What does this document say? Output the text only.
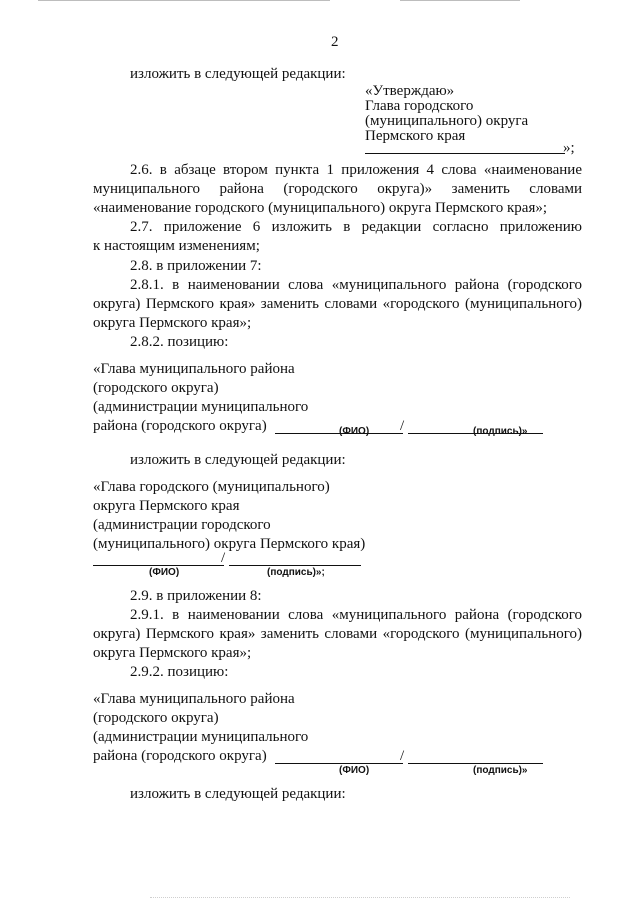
2
изложить в следующей редакции:
«Утверждаю»
Глава городского
(муниципального) округа
Пермского края
»;
2.6. в абзаце втором пункта 1 приложения 4 слова «наименование
муниципального района (городского округа)» заменить словами
«наименование городского (муниципального) округа Пермского края»;
2.7. приложение 6 изложить в редакции согласно приложению
к настоящим изменениям;
2.8. в приложении 7:
2.8.1. в наименовании слова «муниципального района (городского
округа) Пермского края» заменить словами «городского (муниципального)
округа Пермского края»;
2.8.2. позицию:
«Глава муниципального района
(городского округа)
(администрации муниципального
района (городского округа)	/
(ФИО)	(подпись)»
изложить в следующей редакции:
«Глава городского (муниципального)
округа Пермского края
(администрации городского
(муниципального) округа Пермского края)
/
(ФИО)	(подпись)»;
2.9. в приложении 8:
2.9.1. в наименовании слова «муниципального района (городского
округа) Пермского края» заменить словами «городского (муниципального)
округа Пермского края»;
2.9.2. позицию:
«Глава муниципального района
(городского округа)
(администрации муниципального
района (городского округа)	/
(ФИО)	(подпись)»
изложить в следующей редакции:
